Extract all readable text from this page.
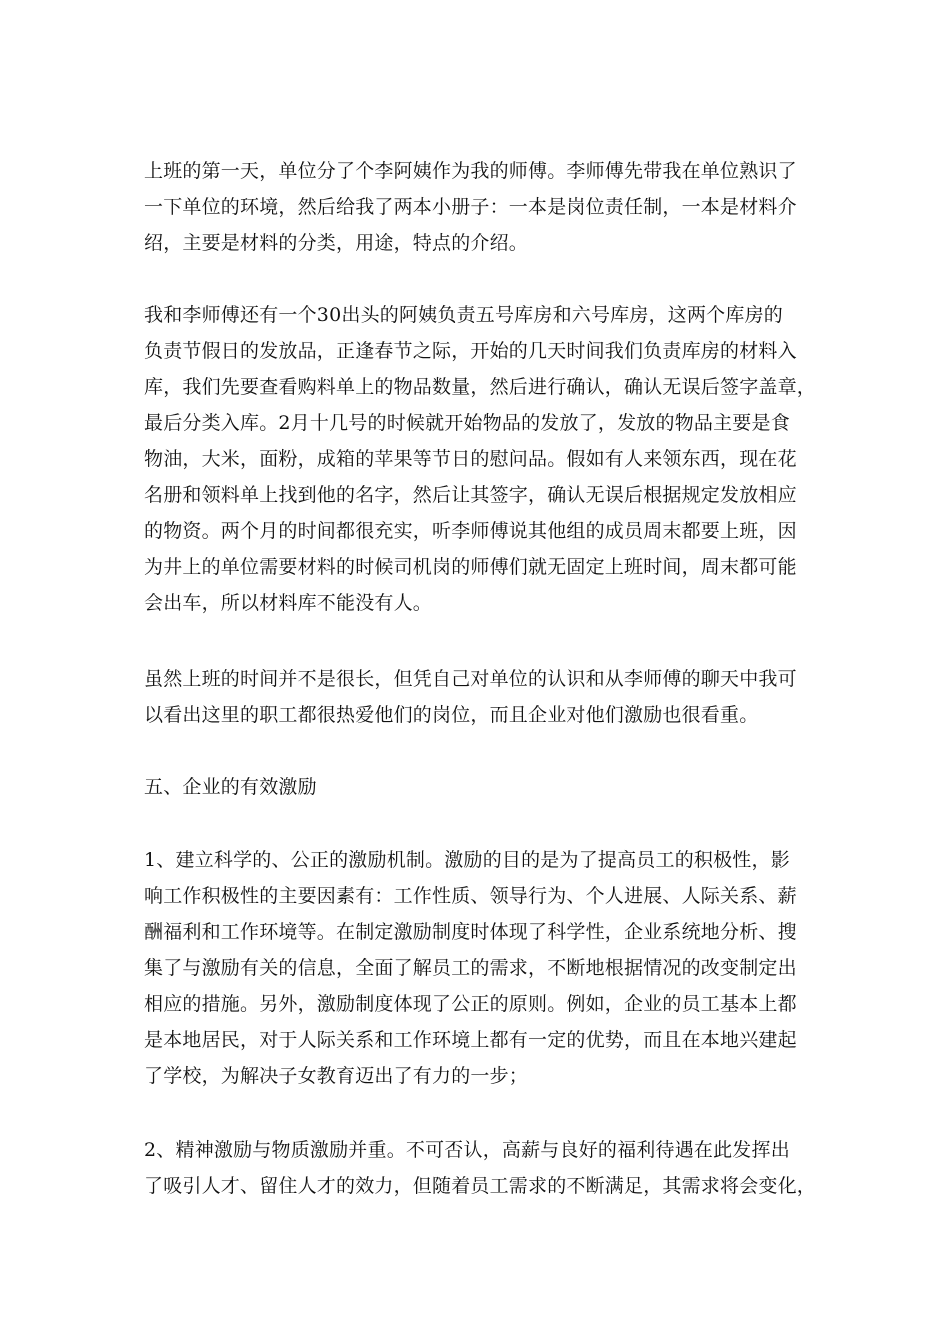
上班的第一天，单位分了个李阿姨作为我的师傅。李师傅先带我在单位熟识了
一下单位的环境，然后给我了两本小册子：一本是岗位责任制，一本是材料介
绍，主要是材料的分类，用途，特点的介绍。
我和李师傅还有一个30出头的阿姨负责五号库房和六号库房，这两个库房的
负责节假日的发放品，正逢春节之际，开始的几天时间我们负责库房的材料入
库，我们先要查看购料单上的物品数量，然后进行确认，确认无误后签字盖章，
最后分类入库。2月十几号的时候就开始物品的发放了，发放的物品主要是食
物油，大米，面粉，成箱的苹果等节日的慰问品。假如有人来领东西，现在花
名册和领料单上找到他的名字，然后让其签字，确认无误后根据规定发放相应
的物资。两个月的时间都很充实，听李师傅说其他组的成员周末都要上班，因
为井上的单位需要材料的时候司机岗的师傅们就无固定上班时间，周末都可能
会出车，所以材料库不能没有人。
虽然上班的时间并不是很长，但凭自己对单位的认识和从李师傅的聊天中我可
以看出这里的职工都很热爱他们的岗位，而且企业对他们激励也很看重。
五、企业的有效激励
1、建立科学的、公正的激励机制。激励的目的是为了提高员工的积极性，影
响工作积极性的主要因素有：工作性质、领导行为、个人进展、人际关系、薪
酬福利和工作环境等。在制定激励制度时体现了科学性，企业系统地分析、搜
集了与激励有关的信息，全面了解员工的需求，不断地根据情况的改变制定出
相应的措施。另外，激励制度体现了公正的原则。例如，企业的员工基本上都
是本地居民，对于人际关系和工作环境上都有一定的优势，而且在本地兴建起
了学校，为解决子女教育迈出了有力的一步；
2、精神激励与物质激励并重。不可否认，高薪与良好的福利待遇在此发挥出
了吸引人才、留住人才的效力，但随着员工需求的不断满足，其需求将会变化，
